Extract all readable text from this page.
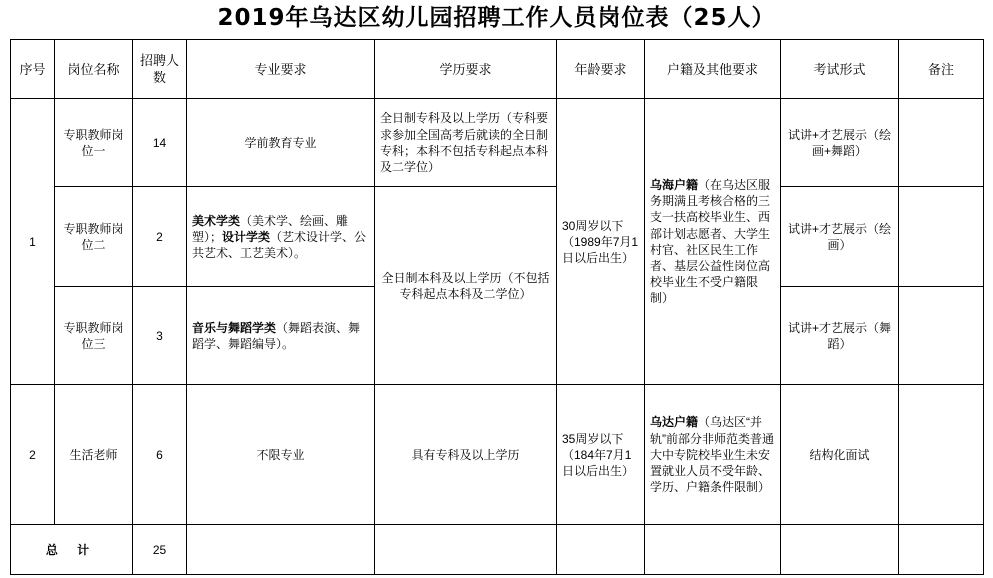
2019年乌达区幼儿园招聘工作人员岗位表（25人）
序号	岗位名称	招聘人数	专业要求	学历要求	年龄要求	户籍及其他要求	考试形式	备注
1	专职教师岗位一	14	学前教育专业	全日制专科及以上学历（专科要求参加全国高考后就读的全日制专科；本科不包括专科起点本科及二学位）	30周岁以下（1989年7月1日以后出生）	乌海户籍（在乌达区服务期满且考核合格的三支一扶高校毕业生、西部计划志愿者、大学生村官、社区民生工作者、基层公益性岗位高校毕业生不受户籍限制）	试讲+才艺展示（绘画+舞蹈）	
	专职教师岗位二	2	美术学类（美术学、绘画、雕塑）；设计学类（艺术设计学、公共艺术、工艺美术）。	全日制本科及以上学历（不包括专科起点本科及二学位）			试讲+才艺展示（绘画）	
	专职教师岗位三	3	音乐与舞蹈学类（舞蹈表演、舞蹈学、舞蹈编导）。				试讲+才艺展示（舞蹈）	
2	生活老师	6	不限专业	具有专科及以上学历	35周岁以下（184年7月1日以后出生）	乌达户籍（乌达区“并轨”前部分非师范类普通大中专院校毕业生未安置就业人员不受年龄、学历、户籍条件限制）	结构化面试	
总 计		25						
